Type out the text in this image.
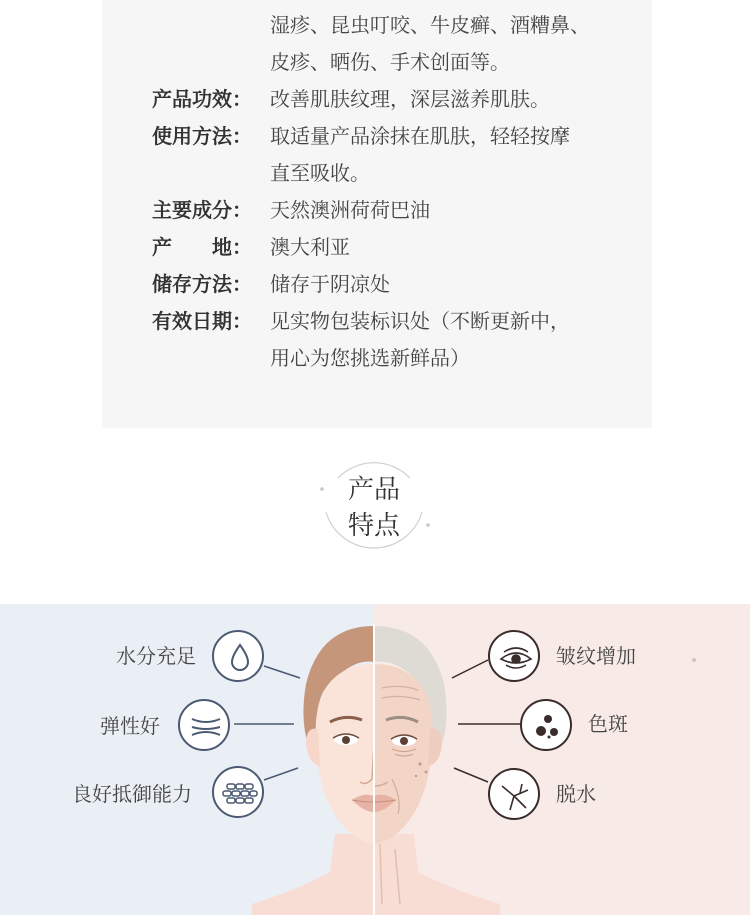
湿疹、昆虫叮咬、牛皮癣、酒糟鼻、
皮疹、晒伤、手术创面等。
产品功效： 改善肌肤纹理，深层滋养肌肤。
使用方法： 取适量产品涂抹在肌肤，轻轻按摩
直至吸收。
主要成分： 天然澳洲荷荷巴油
产　　地： 澳大利亚
储存方法： 储存于阴凉处
有效日期： 见实物包装标识处（不断更新中，
用心为您挑选新鲜品）
产品
特点
水分充足
弹性好
良好抵御能力
皱纹增加
色斑
脱水
